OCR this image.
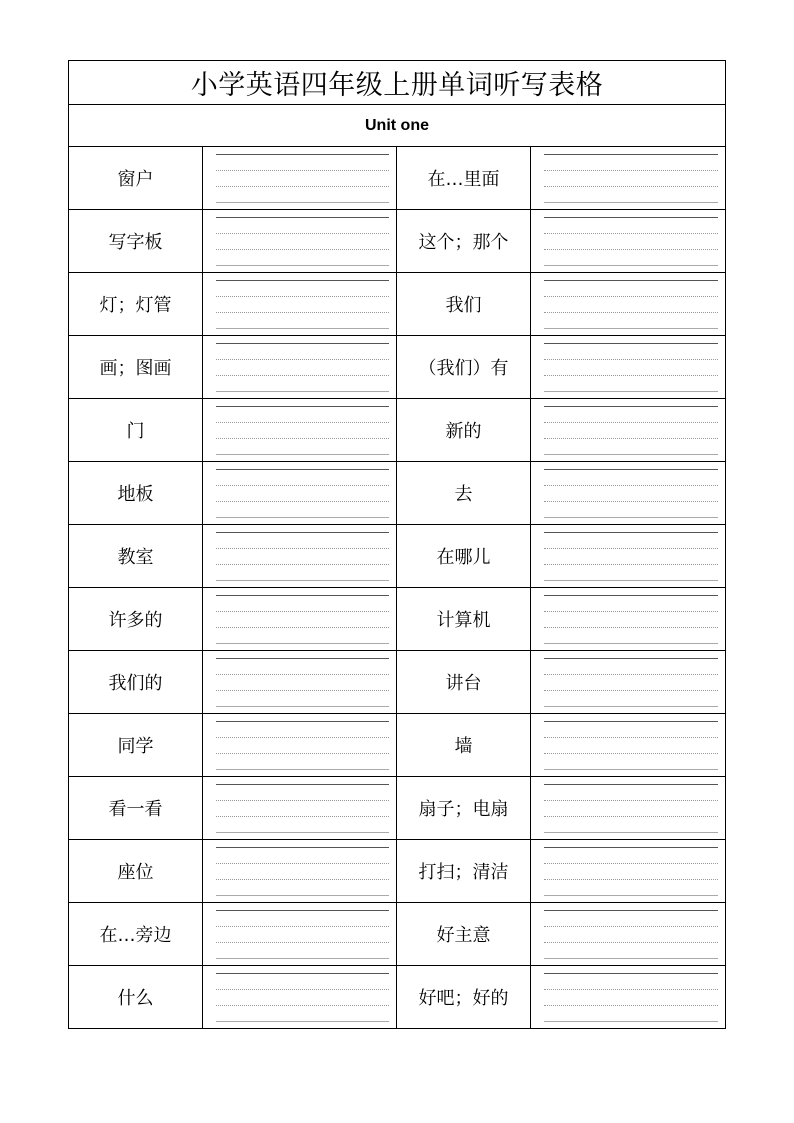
小学英语四年级上册单词听写表格			
Unit one			
窗户		在…里面	

写字板		这个；那个	

灯；灯管		我们	

画；图画		（我们）有	

门		新的	

地板		去	

教室		在哪儿	

许多的		计算机	

我们的		讲台	

同学		墙	

看一看		扇子；电扇	

座位		打扫；清洁	

在…旁边		好主意	

什么		好吧；好的	
